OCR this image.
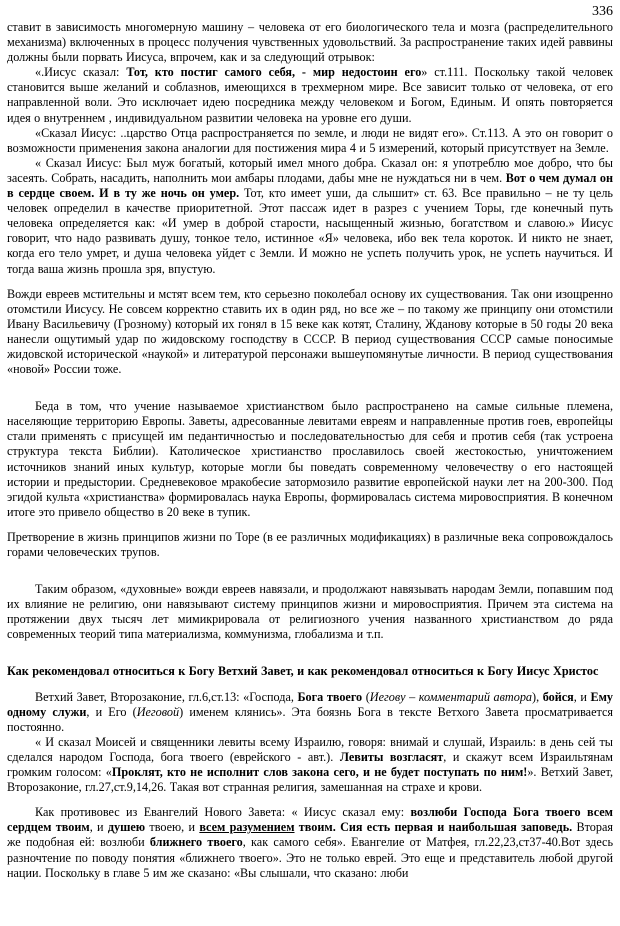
336

ставит в зависимость многомерную машину – человека от его биологического тела и мозга (распределительного механизма) включенных в процесс получения чувственных удовольствий. За распространение таких идей раввины должны были порвать Иисуса, впрочем, как и за следующий отрывок:

«.Иисус сказал: Тот, кто постиг самого себя, - мир недостоин его» ст.111. Поскольку такой человек становится выше желаний и соблазнов, имеющихся в трехмерном мире. Все зависит только от человека, от его направленной воли. Это исключает идею посредника между человеком и Богом, Единым. И опять повторяется идея о внутреннем , индивидуальном развитии человека на уровне его души.

«Сказал Иисус: ..царство Отца распространяется по земле, и люди не видят его». Ст.113. А это он говорит о возможности применения закона аналогии для постижения мира 4 и 5 измерений, который присутствует на Земле.

« Сказал Иисус: Был муж богатый, который имел много добра. Сказал он: я употреблю мое добро, что бы засеять. Собрать, насадить, наполнить мои амбары плодами, дабы мне не нуждаться ни в чем. Вот о чем думал он в сердце своем. И в ту же ночь он умер. Тот, кто имеет уши, да слышит» ст. 63. Все правильно – не ту цель человек определил в качестве приоритетной. Этот пассаж идет в разрез с учением Торы, где конечный путь человека определяется как: «И умер в доброй старости, насыщенный жизнью, богатством и славою.» Иисус говорит, что надо развивать душу, тонкое тело, истинное «Я» человека, ибо век тела короток. И никто не знает, когда его тело умрет, и душа человека уйдет с Земли. И можно не успеть получить урок, не успеть научиться. И тогда ваша жизнь прошла зря, впустую.

Вожди евреев мстительны и мстят всем тем, кто серьезно поколебал основу их существования. Так они изощренно отомстили Иисусу. Не совсем корректно ставить их в один ряд, но все же – по такому же принципу они отомстили Ивану Васильевичу (Грозному) который их гонял в 15 веке как котят, Сталину, Жданову которые в 50 годы 20 века нанесли ощутимый удар по жидовскому господству в СССР. В период существования СССР самые поносимые жидовской исторической «наукой» и литературой персонажи вышеупомянутые личности. В период существования «новой» России тоже.

Беда в том, что учение называемое христианством было распространено на самые сильные племена, населяющие территорию Европы. Заветы, адресованные левитами евреям и направленные против гоев, европейцы стали применять с присущей им педантичностью и последовательностью для себя и против себя (так устроена структура текста Библии). Католическое христианство прославилось своей жестокостью, уничтожением источников знаний иных культур, которые могли бы поведать современному человечеству о его настоящей истории и предыстории. Средневековое мракобесие затормозило развитие европейской науки лет на 200-300. Под эгидой культа «христианства» формировалась наука Европы, формировалась система мировосприятия. В конечном итоге это привело общество в 20 веке в тупик.

Претворение в жизнь принципов жизни по Торе (в ее различных модификациях) в различные века сопровождалось горами человеческих трупов.

Таким образом, «духовные» вожди евреев навязали, и продолжают навязывать народам Земли, попавшим под их влияние не религию, они навязывают систему принципов жизни и мировосприятия. Причем эта система на протяжении двух тысяч лет мимикрировала от религиозного учения названного христианством до ряда современных теорий типа материализма, коммунизма, глобализма и т.п.

Как рекомендовал относиться к Богу Ветхий Завет, и как рекомендовал относиться к Богу Иисус Христос

Ветхий Завет, Второзаконие, гл.6,ст.13: «Господа, Бога твоего (Иегову – комментарий автора), бойся, и Ему одному служи, и Его (Иеговой) именем клянись». Эта боязнь Бога в тексте Ветхого Завета просматривается постоянно.

« И сказал Моисей и священники левиты всему Израилю, говоря: внимай и слушай, Израиль: в день сей ты сделался народом Господа, бога твоего (еврейского - авт.). Левиты возгласят, и скажут всем Израильтянам громким голосом: «Проклят, кто не исполнит слов закона сего, и не будет поступать по ним!». Ветхий Завет, Второзаконие, гл.27,ст.9,14,26. Такая вот странная религия, замешанная на страхе и крови.

Как противовес из Евангелий Нового Завета: « Иисус сказал ему: возлюби Господа Бога твоего всем сердцем твоим, и душею твоею, и всем разумением твоим. Сия есть первая и наибольшая заповедь. Вторая же подобная ей: возлюби ближнего твоего, как самого себя». Евангелие от Матфея, гл.22,23,ст37-40.Вот здесь разночтение по поводу понятия «ближнего твоего». Это не только еврей. Это еще и представитель любой другой нации. Поскольку в главе 5 им же сказано: «Вы слышали, что сказано: люби
